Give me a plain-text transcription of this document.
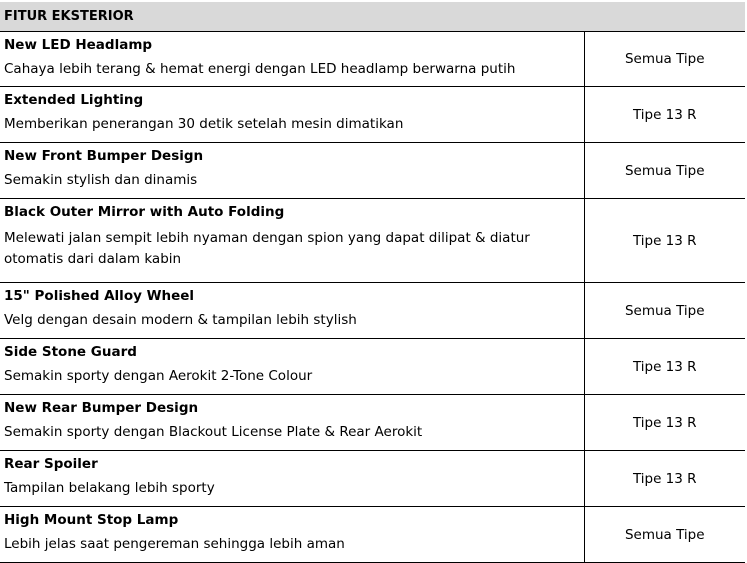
FITUR EKSTERIOR	

New LED Headlamp
Cahaya lebih terang & hemat energi dengan LED headlamp berwarna putih	Semua Tipe

Extended Lighting
Memberikan penerangan 30 detik setelah mesin dimatikan	Tipe 13 R

New Front Bumper Design
Semakin stylish dan dinamis	Semua Tipe

Black Outer Mirror with Auto Folding
Melewati jalan sempit lebih nyaman dengan spion yang dapat dilipat & diatur otomatis dari dalam kabin	Tipe 13 R

15" Polished Alloy Wheel
Velg dengan desain modern & tampilan lebih stylish	Semua Tipe

Side Stone Guard
Semakin sporty dengan Aerokit 2-Tone Colour	Tipe 13 R

New Rear Bumper Design
Semakin sporty dengan Blackout License Plate & Rear Aerokit	Tipe 13 R

Rear Spoiler
Tampilan belakang lebih sporty	Tipe 13 R

High Mount Stop Lamp
Lebih jelas saat pengereman sehingga lebih aman	Semua Tipe
